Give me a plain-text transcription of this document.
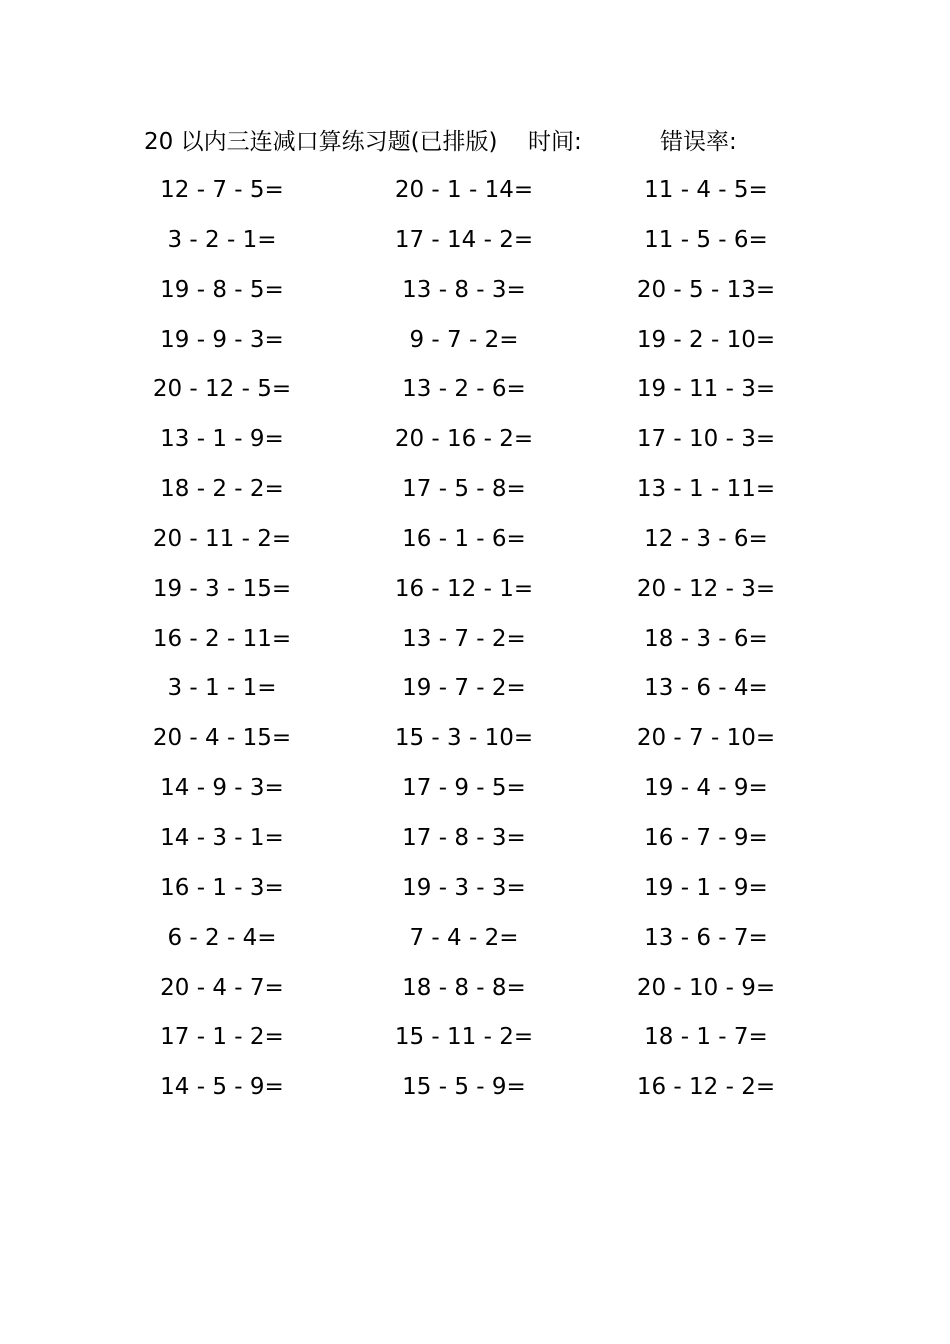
20 以内三连减口算练习题(已排版) 时间:	错误率:
12 - 7 - 5=	20 - 1 - 14=	11 - 4 - 5=
3 - 2 - 1=	17 - 14 - 2=	11 - 5 - 6=
19 - 8 - 5=	13 - 8 - 3=	20 - 5 - 13=
19 - 9 - 3=	9 - 7 - 2=	19 - 2 - 10=
20 - 12 - 5=	13 - 2 - 6=	19 - 11 - 3=
13 - 1 - 9=	20 - 16 - 2=	17 - 10 - 3=
18 - 2 - 2=	17 - 5 - 8=	13 - 1 - 11=
20 - 11 - 2=	16 - 1 - 6=	12 - 3 - 6=
19 - 3 - 15=	16 - 12 - 1=	20 - 12 - 3=
16 - 2 - 11=	13 - 7 - 2=	18 - 3 - 6=
3 - 1 - 1=	19 - 7 - 2=	13 - 6 - 4=
20 - 4 - 15=	15 - 3 - 10=	20 - 7 - 10=
14 - 9 - 3=	17 - 9 - 5=	19 - 4 - 9=
14 - 3 - 1=	17 - 8 - 3=	16 - 7 - 9=
16 - 1 - 3=	19 - 3 - 3=	19 - 1 - 9=
6 - 2 - 4=	7 - 4 - 2=	13 - 6 - 7=
20 - 4 - 7=	18 - 8 - 8=	20 - 10 - 9=
17 - 1 - 2=	15 - 11 - 2=	18 - 1 - 7=
14 - 5 - 9=	15 - 5 - 9=	16 - 12 - 2=
